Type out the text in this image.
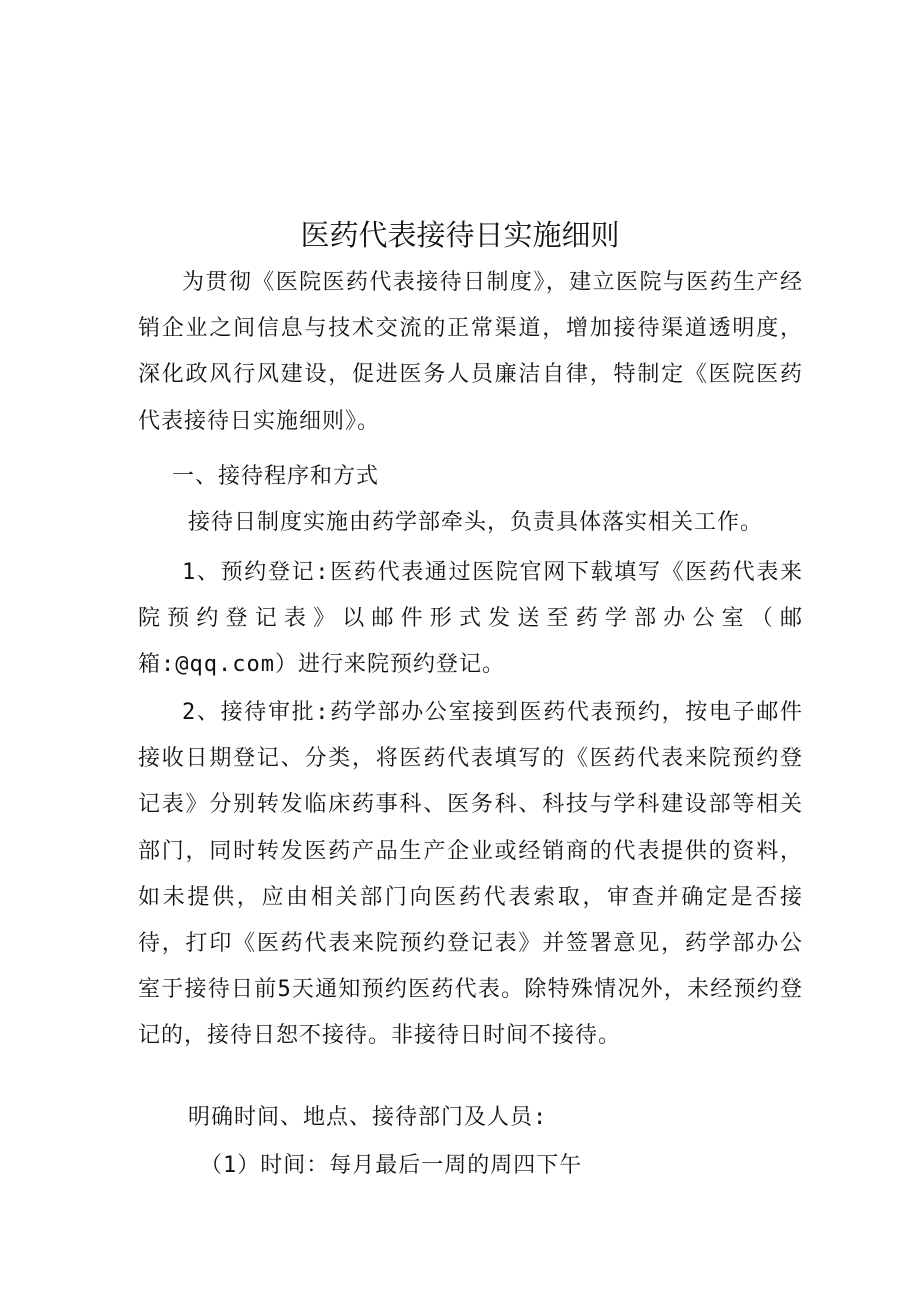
医药代表接待日实施细则

为贯彻《医院医药代表接待日制度》，建立医院与医药生产经销企业之间信息与技术交流的正常渠道，增加接待渠道透明度，深化政风行风建设，促进医务人员廉洁自律，特制定《医院医药代表接待日实施细则》。

一、接待程序和方式

接待日制度实施由药学部牵头，负责具体落实相关工作。

1、预约登记:医药代表通过医院官网下载填写《医药代表来院预约登记表》以邮件形式发送至药学部办公室（邮箱:@qq.com）进行来院预约登记。

2、接待审批:药学部办公室接到医药代表预约，按电子邮件接收日期登记、分类，将医药代表填写的《医药代表来院预约登记表》分别转发临床药事科、医务科、科技与学科建设部等相关部门，同时转发医药产品生产企业或经销商的代表提供的资料，如未提供，应由相关部门向医药代表索取，审查并确定是否接待，打印《医药代表来院预约登记表》并签署意见，药学部办公室于接待日前5天通知预约医药代表。除特殊情况外，未经预约登记的，接待日恕不接待。非接待日时间不接待。

明确时间、地点、接待部门及人员:

（1）时间：每月最后一周的周四下午
